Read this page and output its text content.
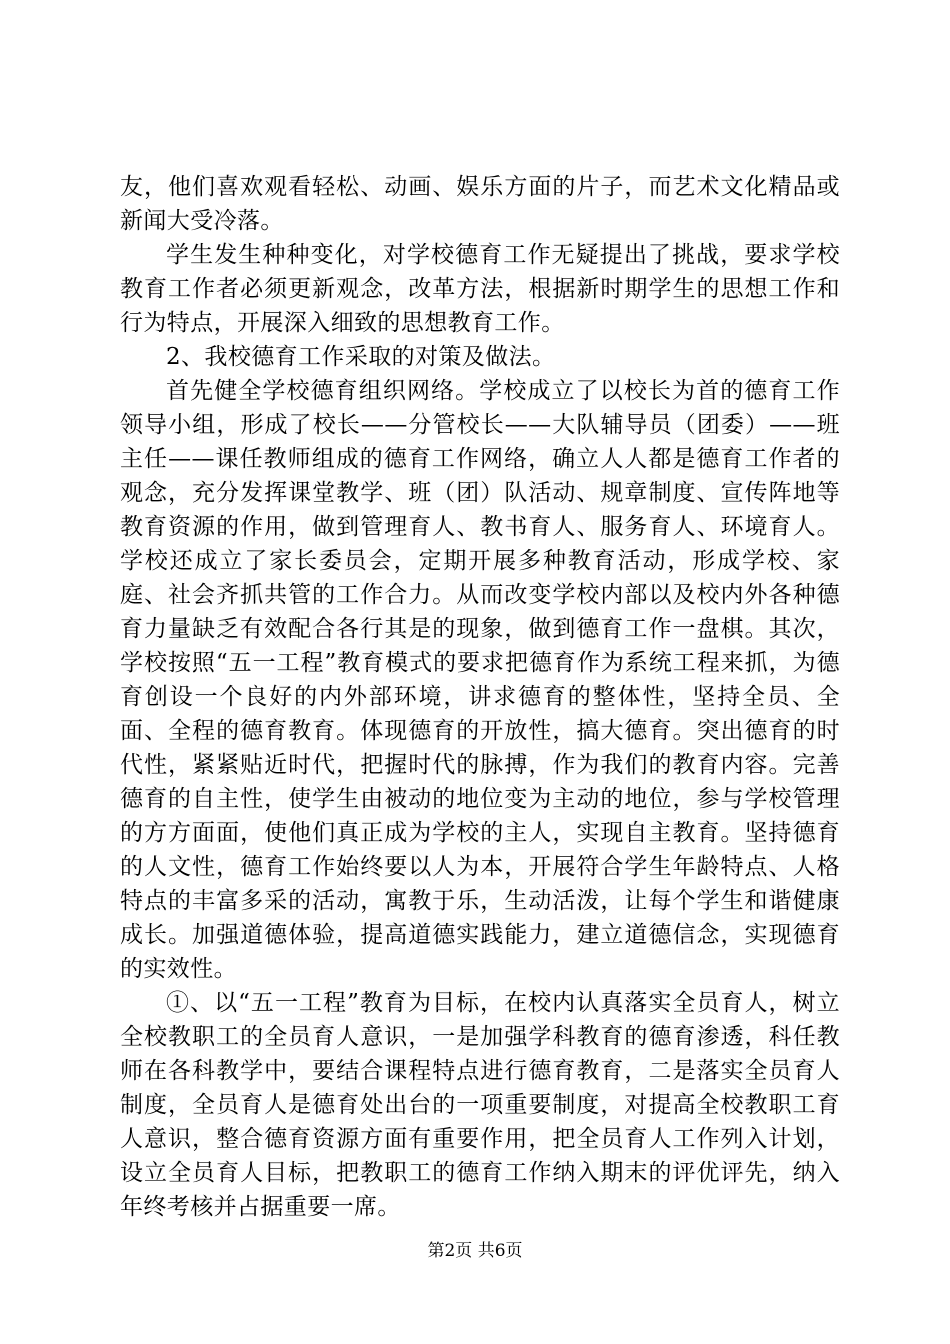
友，他们喜欢观看轻松、动画、娱乐方面的片子，而艺术文化精品或新闻大受冷落。

学生发生种种变化，对学校德育工作无疑提出了挑战，要求学校教育工作者必须更新观念，改革方法，根据新时期学生的思想工作和行为特点，开展深入细致的思想教育工作。

2、我校德育工作采取的对策及做法。

首先健全学校德育组织网络。学校成立了以校长为首的德育工作领导小组，形成了校长——分管校长——大队辅导员（团委）——班主任——课任教师组成的德育工作网络，确立人人都是德育工作者的观念，充分发挥课堂教学、班（团）队活动、规章制度、宣传阵地等教育资源的作用，做到管理育人、教书育人、服务育人、环境育人。学校还成立了家长委员会，定期开展多种教育活动，形成学校、家庭、社会齐抓共管的工作合力。从而改变学校内部以及校内外各种德育力量缺乏有效配合各行其是的现象，做到德育工作一盘棋。其次，学校按照“五一工程”教育模式的要求把德育作为系统工程来抓，为德育创设一个良好的内外部环境，讲求德育的整体性，坚持全员、全面、全程的德育教育。体现德育的开放性，搞大德育。突出德育的时代性，紧紧贴近时代，把握时代的脉搏，作为我们的教育内容。完善德育的自主性，使学生由被动的地位变为主动的地位，参与学校管理的方方面面，使他们真正成为学校的主人，实现自主教育。坚持德育的人文性，德育工作始终要以人为本，开展符合学生年龄特点、人格特点的丰富多采的活动，寓教于乐，生动活泼，让每个学生和谐健康成长。加强道德体验，提高道德实践能力，建立道德信念，实现德育的实效性。

①、以“五一工程”教育为目标，在校内认真落实全员育人，树立全校教职工的全员育人意识，一是加强学科教育的德育渗透，科任教师在各科教学中，要结合课程特点进行德育教育，二是落实全员育人制度，全员育人是德育处出台的一项重要制度，对提高全校教职工育人意识，整合德育资源方面有重要作用，把全员育人工作列入计划，设立全员育人目标，把教职工的德育工作纳入期末的评优评先，纳入年终考核并占据重要一席。

第2页 共6页
